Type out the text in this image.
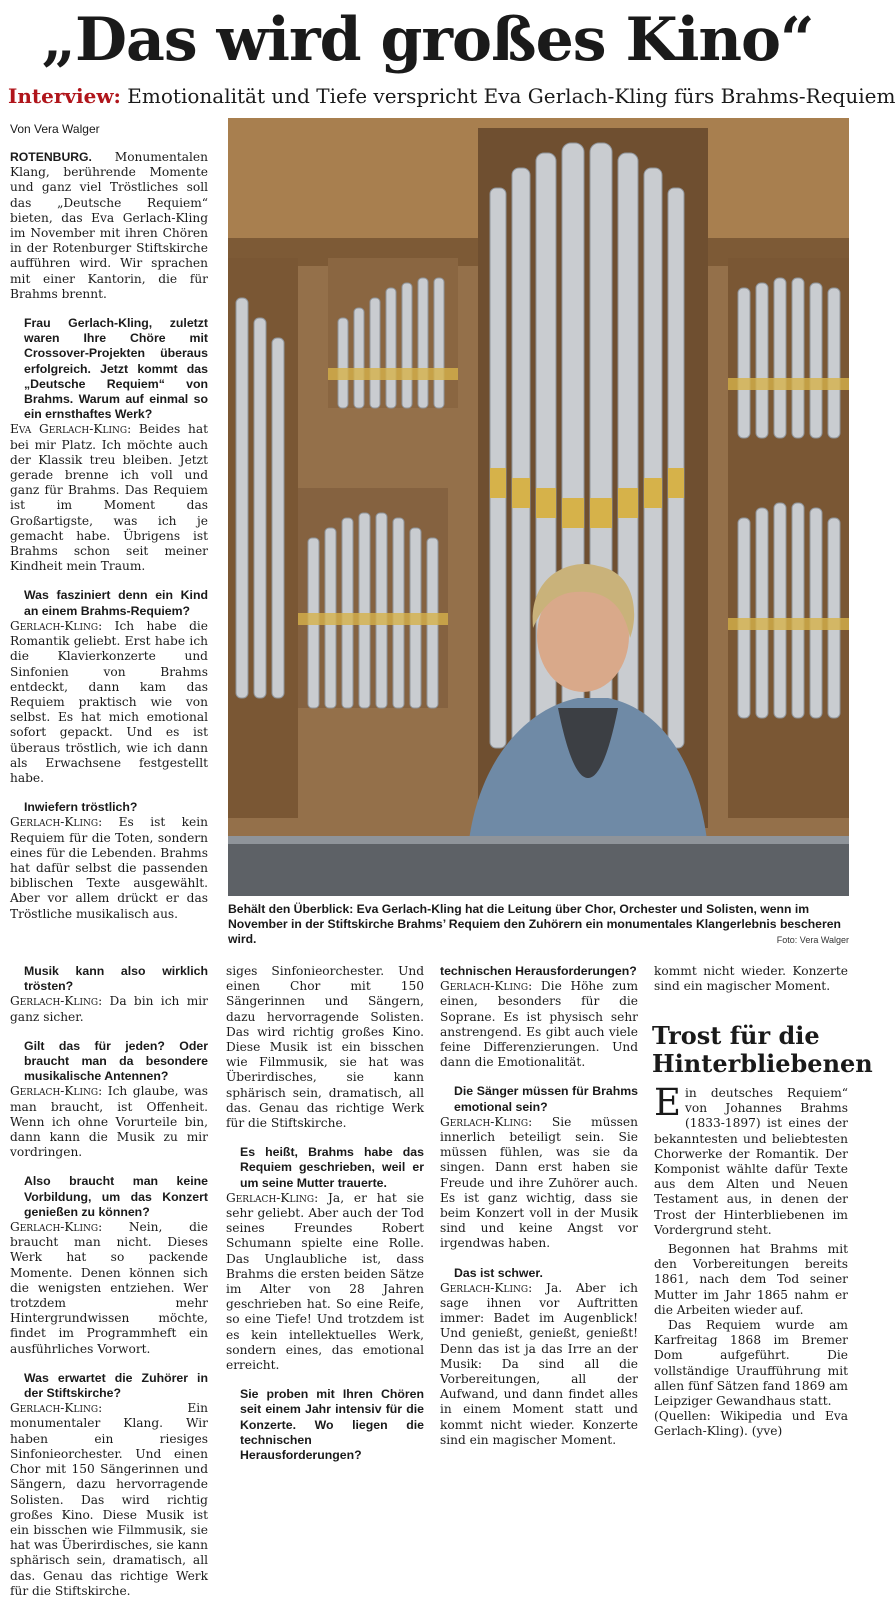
„Das wird großes Kino“
Interview: Emotionalität und Tiefe verspricht Eva Gerlach-Kling fürs Brahms-Requiem
Von Vera Walger

ROTENBURG. Monumentalen Klang, berührende Momente und ganz viel Tröstliches soll das „Deutsche Requiem“ bieten, das Eva Gerlach-Kling im November mit ihren Chören in der Rotenburger Stiftskirche aufführen wird. Wir sprachen mit einer Kantorin, die für Brahms brennt.

Frau Gerlach-Kling, zuletzt waren Ihre Chöre mit Crossover-Projekten überaus erfolgreich. Jetzt kommt das „Deutsche Requiem“ von Brahms. Warum auf einmal so ein ernsthaftes Werk?

Eva Gerlach-Kling: Beides hat bei mir Platz. Ich möchte auch der Klassik treu bleiben. Jetzt gerade brenne ich voll und ganz für Brahms. Das Requiem ist im Moment das Großartigste, was ich je gemacht habe. Übrigens ist Brahms schon seit meiner Kindheit mein Traum.

Was fasziniert denn ein Kind an einem Brahms-Requiem?

Gerlach-Kling: Ich habe die Romantik geliebt. Erst habe ich die Klavierkonzerte und Sinfonien von Brahms entdeckt, dann kam das Requiem praktisch wie von selbst. Es hat mich emotional sofort gepackt. Und es ist überaus tröstlich, wie ich dann als Erwachsene festgestellt habe.

Inwiefern tröstlich?

Gerlach-Kling: Es ist kein Requiem für die Toten, sondern eines für die Lebenden. Brahms hat dafür selbst die passenden biblischen Texte ausgewählt. Aber vor allem drückt er das Tröstliche musikalisch aus.	Behält den Überblick: Eva Gerlach-Kling hat die Leitung über Chor, Orchester und Solisten, wenn im November in der Stiftskirche Brahms’ Requiem den Zuhörern ein monumentales Klangerlebnis bescheren wird.	Foto: Vera Walger

Musik kann also wirklich trösten?

Gerlach-Kling: Da bin ich mir ganz sicher.

Gilt das für jeden? Oder braucht man da besondere musikalische Antennen?

Gerlach-Kling: Ich glaube, was man braucht, ist Offenheit. Wenn ich ohne Vorurteile bin, dann kann die Musik zu mir vordringen.

Also braucht man keine Vorbildung, um das Konzert genießen zu können?

Gerlach-Kling: Nein, die braucht man nicht. Dieses Werk hat so packende Momente. Denen können sich die wenigsten entziehen. Wer trotzdem mehr Hintergrundwissen möchte, findet im Programmheft ein ausführliches Vorwort.

Was erwartet die Zuhörer in der Stiftskirche?

Gerlach-Kling: Ein monumentaler Klang. Wir haben ein riesiges Sinfonieorchester. Und einen Chor mit 150 Sängerinnen und Sängern, dazu hervorragende Solisten. Das wird richtig großes Kino. Diese Musik ist ein bisschen wie Filmmusik, sie hat was Überirdisches, sie kann sphärisch sein, dramatisch, all das. Genau das richtige Werk für die Stiftskirche.

siges Sinfonieorchester. Und einen Chor mit 150 Sängerinnen und Sängern, dazu hervorragende Solisten. Das wird richtig großes Kino. Diese Musik ist ein bisschen wie Filmmusik, sie hat was Überirdisches, sie kann sphärisch sein, dramatisch, all das. Genau das richtige Werk für die Stiftskirche.

Es heißt, Brahms habe das Requiem geschrieben, weil er um seine Mutter trauerte.

Gerlach-Kling: Ja, er hat sie sehr geliebt. Aber auch der Tod seines Freundes Robert Schumann spielte eine Rolle. Das Unglaubliche ist, dass Brahms die ersten beiden Sätze im Alter von 28 Jahren geschrieben hat. So eine Reife, so eine Tiefe! Und trotzdem ist es kein intellektuelles Werk, sondern eines, das emotional erreicht.

Sie proben mit Ihren Chören seit einem Jahr intensiv für die Konzerte. Wo liegen die technischen Herausforderungen?

technischen Herausforderungen?

Gerlach-Kling: Die Höhe zum einen, besonders für die Soprane. Es ist physisch sehr anstrengend. Es gibt auch viele feine Differenzierungen. Und dann die Emotionalität.

Die Sänger müssen für Brahms emotional sein?

Gerlach-Kling: Sie müssen innerlich beteiligt sein. Sie müssen fühlen, was sie da singen. Dann erst haben sie Freude und ihre Zuhörer auch. Es ist ganz wichtig, dass sie beim Konzert voll in der Musik sind und keine Angst vor irgendwas haben.

Das ist schwer.

Gerlach-Kling: Ja. Aber ich sage ihnen vor Auftritten immer: Badet im Augenblick! Und genießt, genießt, genießt! Denn das ist ja das Irre an der Musik: Da sind all die Vorbereitungen, all der Aufwand, und dann findet alles in einem Moment statt und kommt nicht wieder. Konzerte sind ein magischer Moment.

kommt nicht wieder. Konzerte sind ein magischer Moment.

Trost für die Hinterbliebenen

Ein deutsches Requiem“ von Johannes Brahms (1833-1897) ist eines der bekanntesten und beliebtesten Chorwerke der Romantik. Der Komponist wählte dafür Texte aus dem Alten und Neuen Testament aus, in denen der Trost der Hinterbliebenen im Vordergrund steht.

Begonnen hat Brahms mit den Vorbereitungen bereits 1861, nach dem Tod seiner Mutter im Jahr 1865 nahm er die Arbeiten wieder auf.

Das Requiem wurde am Karfreitag 1868 im Bremer Dom aufgeführt. Die vollständige Uraufführung mit allen fünf Sätzen fand 1869 am Leipziger Gewandhaus statt.

(Quellen: Wikipedia und Eva Gerlach-Kling). (yve)
